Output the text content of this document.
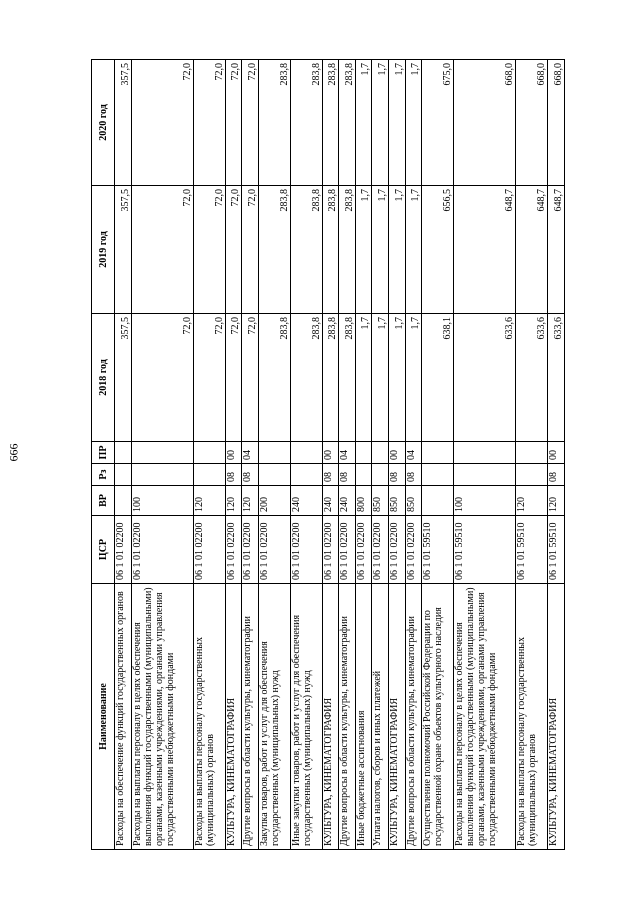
666
Наименование	ЦСР	ВР	Рз	ПР	2018 год	2019 год	2020 год
Расходы на обеспечение функций государственных органов	06 1 01 02200				357,5	357,5	357,5
Расходы на выплаты персоналу в целях обеспечения выполнения функций государственными (муниципальными) органами, казенными учреждениями, органами управления государственными внебюджетными фондами	06 1 01 02200	100			72,0	72,0	72,0
Расходы на выплаты персоналу государственных (муниципальных) органов	06 1 01 02200	120			72,0	72,0	72,0
КУЛЬТУРА, КИНЕМАТОГРАФИЯ	06 1 01 02200	120	08	00	72,0	72,0	72,0
Другие вопросы в области культуры, кинематографии	06 1 01 02200	120	08	04	72,0	72,0	72,0
Закупка товаров, работ и услуг для обеспечения государственных (муниципальных) нужд	06 1 01 02200	200			283,8	283,8	283,8
Иные закупки товаров, работ и услуг для обеспечения государственных (муниципальных) нужд	06 1 01 02200	240			283,8	283,8	283,8
КУЛЬТУРА, КИНЕМАТОГРАФИЯ	06 1 01 02200	240	08	00	283,8	283,8	283,8
Другие вопросы в области культуры, кинематографии	06 1 01 02200	240	08	04	283,8	283,8	283,8
Иные бюджетные ассигнования	06 1 01 02200	800			1,7	1,7	1,7
Уплата налогов, сборов и иных платежей	06 1 01 02200	850			1,7	1,7	1,7
КУЛЬТУРА, КИНЕМАТОГРАФИЯ	06 1 01 02200	850	08	00	1,7	1,7	1,7
Другие вопросы в области культуры, кинематографии	06 1 01 02200	850	08	04	1,7	1,7	1,7
Осуществление полномочий Российской Федерации по государственной охране объектов культурного наследия	06 1 01 59510				638,1	656,5	675,0
Расходы на выплаты персоналу в целях обеспечения выполнения функций государственными (муниципальными) органами, казенными учреждениями, органами управления государственными внебюджетными фондами	06 1 01 59510	100			633,6	648,7	668,0
Расходы на выплаты персоналу государственных (муниципальных) органов	06 1 01 59510	120			633,6	648,7	668,0
КУЛЬТУРА, КИНЕМАТОГРАФИЯ	06 1 01 59510	120	08	00	633,6	648,7	668,0
